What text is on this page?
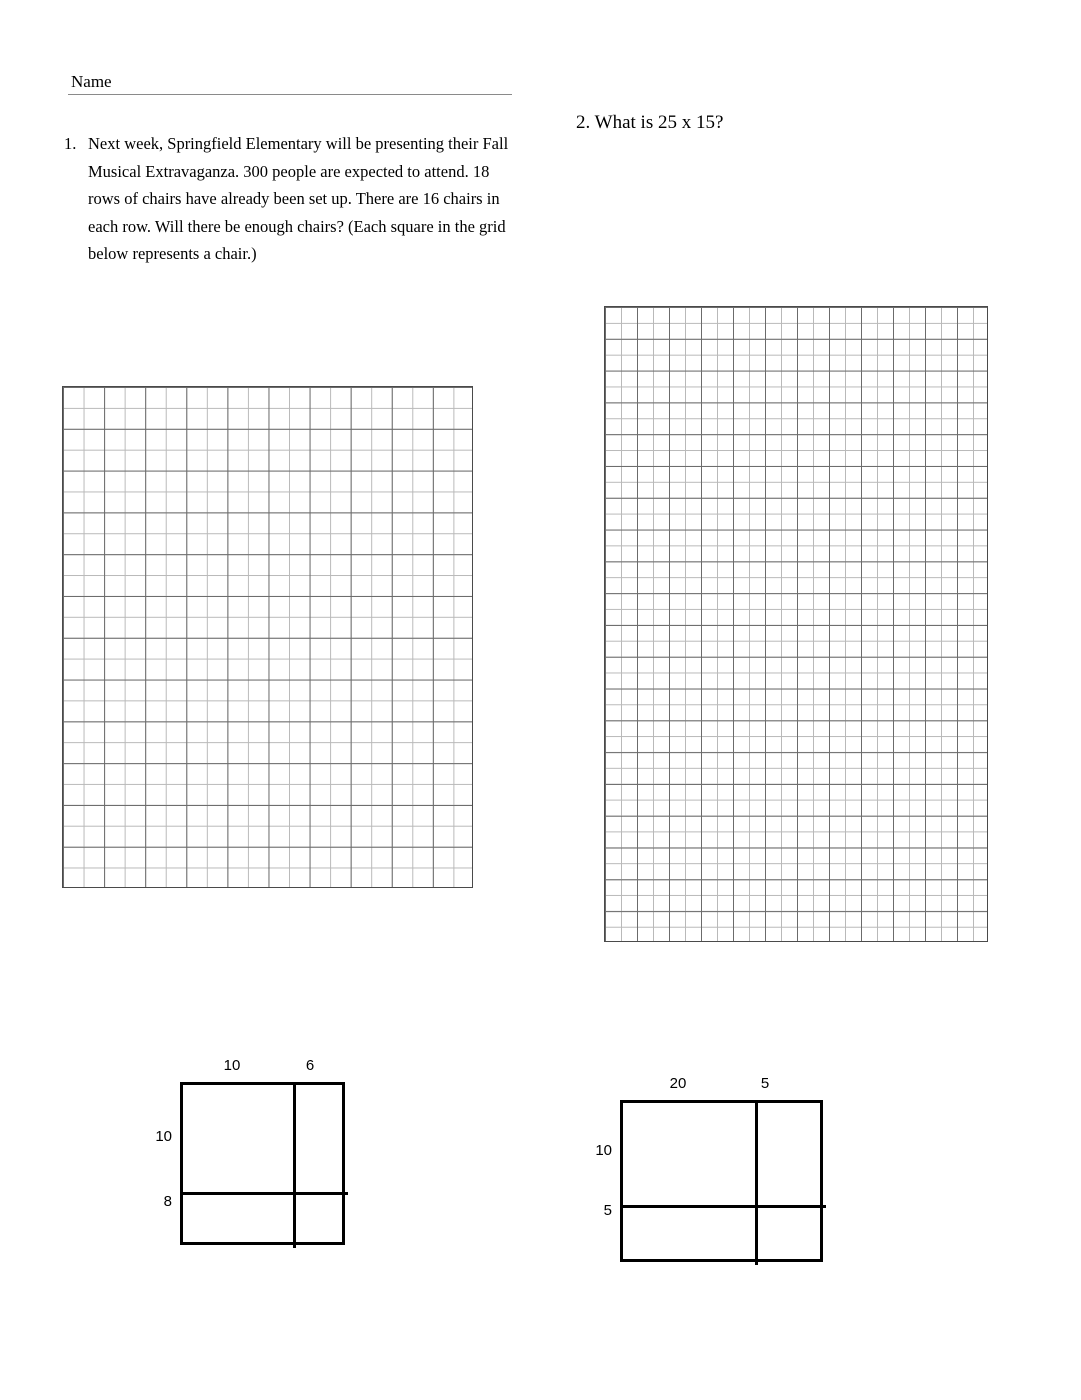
Name
1. Next week, Springfield Elementary will be presenting their Fall Musical Extravaganza. 300 people are expected to attend. 18 rows of chairs have already been set up. There are 16 chairs in each row. Will there be enough chairs? (Each square in the grid below represents a chair.)
2. What is 25 x 15?
10	6
10
8
20	5
10
5
